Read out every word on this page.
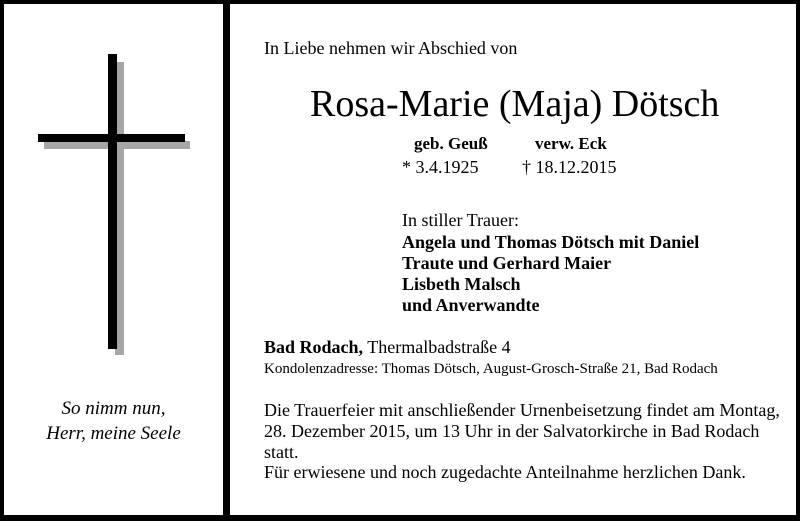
So nimm nun,
Herr, meine Seele
In Liebe nehmen wir Abschied von
Rosa-Marie (Maja) Dötsch
geb. Geuß	verw. Eck
* 3.4.1925 † 18.12.2015
In stiller Trauer:
Angela und Thomas Dötsch mit Daniel
Traute und Gerhard Maier
Lisbeth Malsch
und Anverwandte
Bad Rodach, Thermalbadstraße 4
Kondolenzadresse: Thomas Dötsch, August-Grosch-Straße 21, Bad Rodach
Die Trauerfeier mit anschließender Urnenbeisetzung findet am Montag,
28. Dezember 2015, um 13 Uhr in der Salvatorkirche in Bad Rodach
statt.
Für erwiesene und noch zugedachte Anteilnahme herzlichen Dank.
